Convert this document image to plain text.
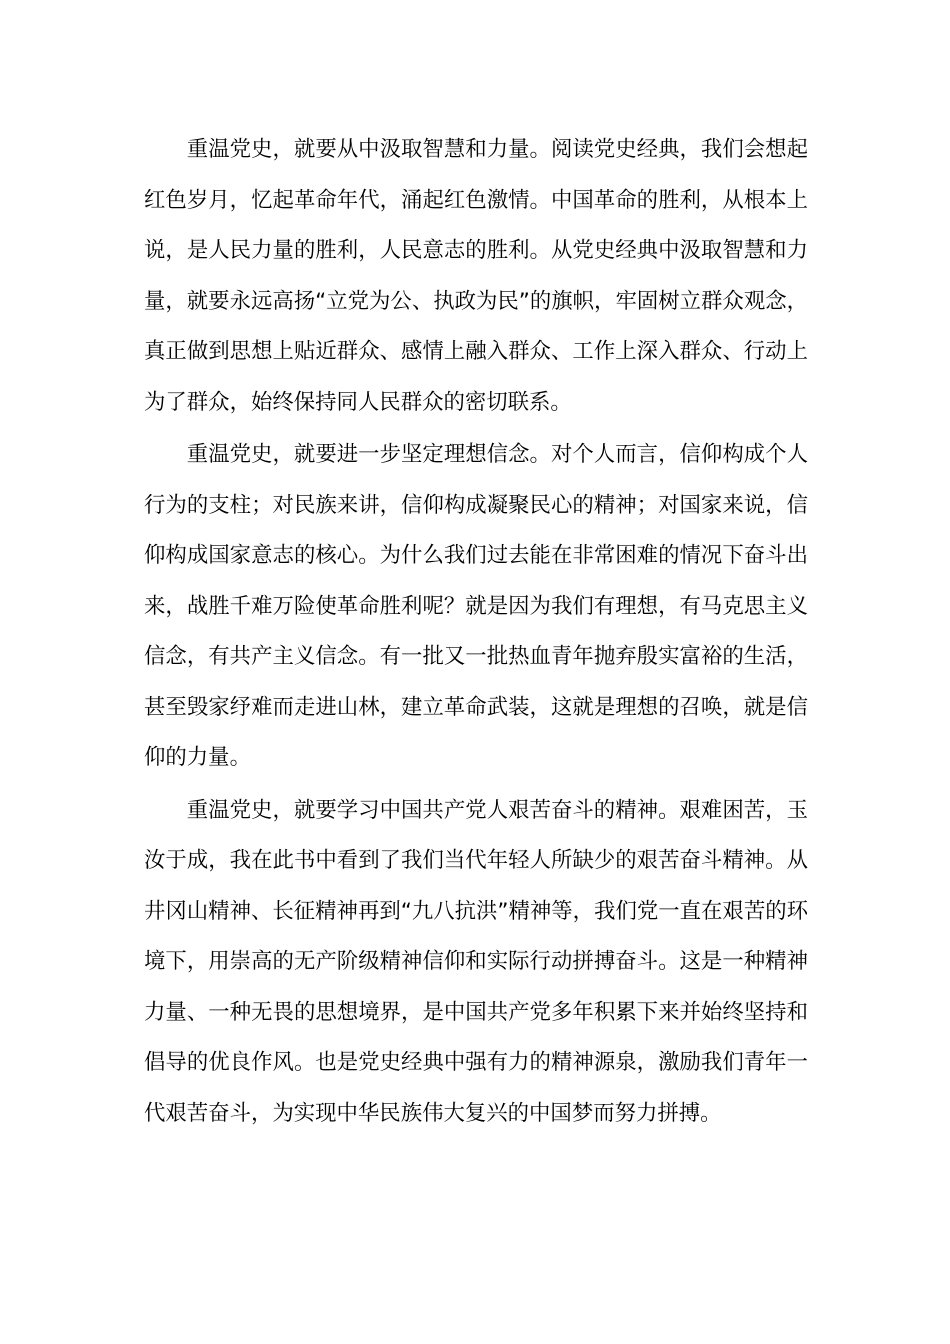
重温党史，就要从中汲取智慧和力量。阅读党史经典，我们会想起红色岁月，忆起革命年代，涌起红色激情。中国革命的胜利，从根本上说，是人民力量的胜利，人民意志的胜利。从党史经典中汲取智慧和力量，就要永远高扬“立党为公、执政为民”的旗帜，牢固树立群众观念，真正做到思想上贴近群众、感情上融入群众、工作上深入群众、行动上为了群众，始终保持同人民群众的密切联系。

重温党史，就要进一步坚定理想信念。对个人而言，信仰构成个人行为的支柱；对民族来讲，信仰构成凝聚民心的精神；对国家来说，信仰构成国家意志的核心。为什么我们过去能在非常困难的情况下奋斗出来，战胜千难万险使革命胜利呢？就是因为我们有理想，有马克思主义信念，有共产主义信念。有一批又一批热血青年抛弃殷实富裕的生活，甚至毁家纾难而走进山林，建立革命武装，这就是理想的召唤，就是信仰的力量。

重温党史，就要学习中国共产党人艰苦奋斗的精神。艰难困苦，玉汝于成，我在此书中看到了我们当代年轻人所缺少的艰苦奋斗精神。从井冈山精神、长征精神再到“九八抗洪”精神等，我们党一直在艰苦的环境下，用崇高的无产阶级精神信仰和实际行动拼搏奋斗。这是一种精神力量、一种无畏的思想境界，是中国共产党多年积累下来并始终坚持和倡导的优良作风。也是党史经典中强有力的精神源泉，激励我们青年一代艰苦奋斗，为实现中华民族伟大复兴的中国梦而努力拼搏。
